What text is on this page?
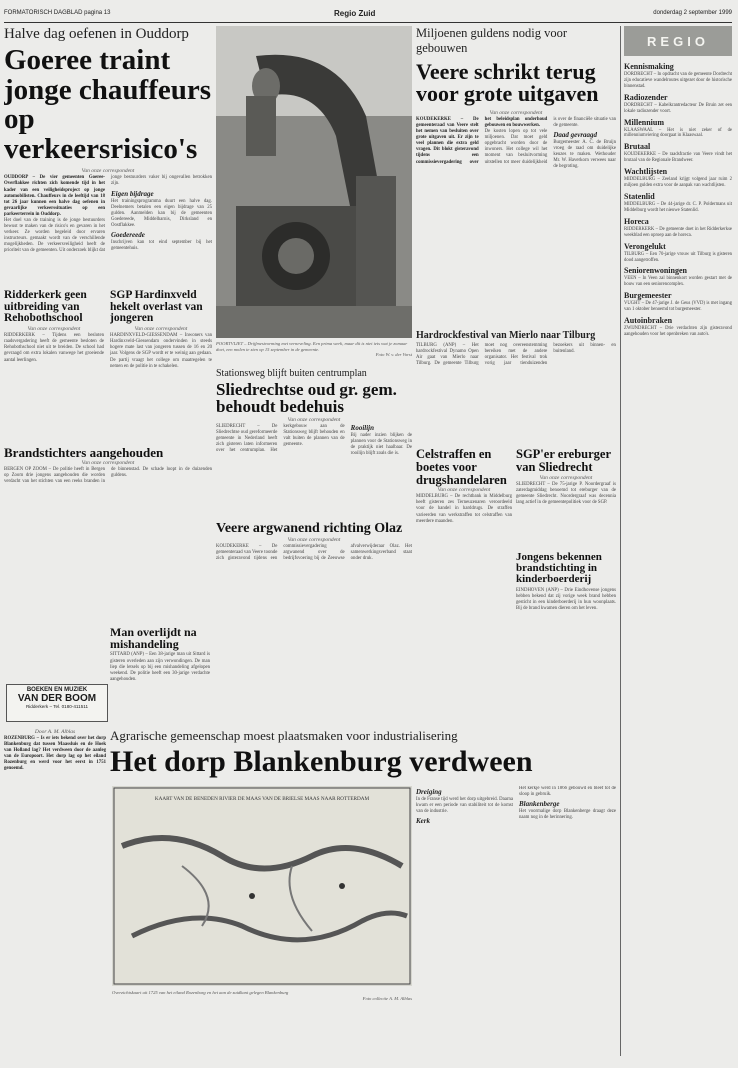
FORMATORISCH DAGBLAD pagina 13	Regio Zuid	donderdag 2 september 1999
Halve dag oefenen in Ouddorp
Goeree traint jonge chauffeurs op verkeersrisico's
Van onze correspondent
OUDDORP – De vier gemeenten Goeree-Overflakkee richten zich komende tijd in het kader van een veiligheidsproject op jonge automobilisten. Chauffeurs in de leeftijd van 18 tot 26 jaar kunnen een halve dag oefenen in gevaarlijke verkeerssituaties op een parkeerterrein in Ouddorp.
Het doel van de training is de jonge bestuurders bewust te maken van de risico's en gevaren in het verkeer. Ze worden begeleid door ervaren instructeurs. gemaakt wordt van de verschillende mogelijkheden. De verkeersveiligheid heeft de prioriteit van de gemeenten. Uit onderzoek blijkt dat jonge bestuurders vaker bij ongevallen betrokken zijn.
Eigen bijdrage
Het trainingsprogramma duurt een halve dag. Deelnemers betalen een eigen bijdrage van 25 gulden. Aanmelden kan bij de gemeenten Goedereede, Middelharnis, Dirksland en Oostflakkee.
Goedereede
Inschrijven kan tot eind september bij het gemeentehuis.
POORTVLIET – Drijfmestvorming met verneveling. Een prima werk, maar dit is niet iets wat je zomaar doet, een molen te zien op 15 september in de gemeente.
Foto W. v. der Vorst
Miljoenen guldens nodig voor gebouwen
Veere schrikt terug voor grote uitgaven
Van onze correspondent
KOUDEKERKE – De gemeenteraad van Veere stelt het nemen van besluiten over grote uitgaven uit. Er zijn te veel plannen die extra geld vragen. Dit blokt gisteravond tijdens een commissievergadering over het beleidsplan onderhoud gebouwen en bouwwerken.
De kosten lopen op tot vele miljoenen. Dat moet geld opgebracht worden door de inwoners. Het college wil het moment van besluitvorming uitstellen tot meer duidelijkheid is over de financiële situatie van de gemeente.
Daad gevraagd
Burgemeester A. C. de Bruijn vroeg de raad om duidelijke keuzes te maken. Wethouder Mr. W. Haverkorn verwees naar de begroting.
Ridderkerk geen uitbreiding van Rehobothschool
Van onze correspondent
RIDDERKERK – Tijdens een besloten raadsvergadering heeft de gemeente besloten de Rehobothschool niet uit te breiden. De school had gevraagd om extra lokalen vanwege het groeiende aantal leerlingen.
SGP Hardinxveld hekelt overlast van jongeren
Van onze correspondent
HARDINXVELD-GIESSENDAM – Inwoners van Hardinxveld-Giessendam ondervinden in steeds hogere mate last van jongeren tussen de 16 en 20 jaar. Volgens de SGP wordt er te weinig aan gedaan. De partij vraagt het college om maatregelen te nemen en de politie in te schakelen.
Brandstichters aangehouden
Van onze correspondent
BERGEN OP ZOOM – De politie heeft in Bergen op Zoom drie jongens aangehouden die worden verdacht van het stichten van een reeks branden in de binnenstad. De schade loopt in de duizenden guldens.
Stationsweg blijft buiten centrumplan
Sliedrechtse oud gr. gem. behoudt bedehuis
Van onze correspondent
SLIEDRECHT – De Sliedrechtse oud gereformeerde gemeente in Nederland heeft zich gisteren laten informeren over het centrumplan. Het kerkgebouw aan de Stationsweg blijft behouden en valt buiten de plannen van de gemeente.
Rooilijn
Bij nader inzien blijken de plannen voor de Stationsweg in de praktijk niet haalbaar. De rooilijn blijft zoals die is.
Veere argwanend richting Olaz
Van onze correspondent
KOUDEKERKE – De gemeenteraad van Veere toonde zich gisteravond tijdens een commissievergadering argwanend over de bedrijfsvoering bij de Zeeuwse afvalverwijderaar Olaz. Het samenwerkingsverband staat onder druk.
Man overlijdt na mishandeling
SITTARD (ANP) – Een 38-jarige man uit Sittard is gisteren overleden aan zijn verwondingen. De man liep die letsels op bij een mishandeling afgelopen weekend. De politie heeft een 30-jarige verdachte aangehouden.
BOEKEN EN MUZIEK
VAN DER BOOM
Ridderkerk – Tel. 0180-411511
Hardrockfestival van Mierlo naar Tilburg
TILBURG (ANP) – Het hardrockfestival Dynamo Open Air gaat van Mierlo naar Tilburg. De gemeente Tilburg moet nog overeenstemming bereiken met de andere organisator. Het festival trok vorig jaar tienduizenden bezoekers uit binnen- en buitenland.
Celstraffen en boetes voor drugshandelaren
Van onze correspondent
MIDDELBURG – De rechtbank in Middelburg heeft gisteren zes Terneuzenaren veroordeeld voor de handel in harddrugs. De straffen varieerden van werkstraffen tot celstraffen van meerdere maanden.
SGP'er ereburger van Sliedrecht
Van onze correspondent
SLIEDRECHT – De 75-jarige P. Noordergraaf is zaterdagmiddag benoemd tot ereburger van de gemeente Sliedrecht. Noordergraaf was decennia lang actief in de gemeentepolitiek voor de SGP.
Jongens bekennen brandstichting in kinderboerderij
EINDHOVEN (ANP) – Drie Eindhovense jongens hebben bekend dat zij vorige week brand hebben gesticht in een kinderboerderij in hun woonplaats. Bij de brand kwamen dieren om het leven.
Agrarische gemeenschap moest plaatsmaken voor industrialisering
Het dorp Blankenburg verdween
Door A. M. Alblas
ROZENBURG – Is er iets bekend over het dorp Blankenburg dat tussen Maassluis en de Hoek van Holland lag? Het verdween door de aanleg van de Europoort. Het dorp lag op het eiland Rozenburg en werd voor het eerst in 1751 genoemd.
KAART VAN DE BENEDEN RIVIER DE MAAS VAN DE BRIELSE MAAS NAAR ROTTERDAM
Overzichtskaart uit 1725 van het eiland Rozenburg en het aan de zuidkant gelegen Blankenburg
Foto collectie A. M. Alblas
Dreiging
In de Franse tijd werd het dorp uitgebreid. Daarna kwam er een periode van stabiliteit tot de komst van de industrie.
Kerk
Het kerkje werd in 1866 gebouwd en bleef tot de sloop in gebruik.
Blankenberge
Het voormalige dorp Blankenberge draagt deze naam nog in de herinnering.
REGIO
Kennismaking
DORDRECHT – In opdracht van de gemeente Dordrecht zijn educatieve wandelroutes uitgezet door de historische binnenstad.
Radiozender
DORDRECHT – Kabelkrantredacteur De Bruin zet een lokale radiozender voort.
Millennium
KLAASWAAL – Het is niet zeker of de millenniumviering doorgaat in Klaaswaal.
Brutaal
KOUDEKERKE – De raadsfractie van Veere vindt het brutaal van de Regionale Brandweer.
Wachtlijsten
MIDDELBURG – Zeeland krijgt volgend jaar ruim 2 miljoen gulden extra voor de aanpak van wachtlijsten.
Statenlid
MIDDELBURG – De 44-jarige dr. C. P. Poldermans uit Middelburg wordt het nieuwe Statenlid.
Horeca
RIDDERKERK – De gemeente doet in het Ridderkerkse weekblad een oproep aan de horeca.
Verongelukt
TILBURG – Een 70-jarige vrouw uit Tilburg is gisteren dood aangetroffen.
Seniorenwoningen
VEEN – In Veen zal binnenkort worden gestart met de bouw van een seniorencomplex.
Burgemeester
VUGHT – De 47-jarige J. de Geus (VVD) is met ingang van 1 oktober benoemd tot burgemeester.
Autoinbraken
ZWIJNDRECHT – Drie verdachten zijn gisteravond aangehouden voor het openbreken van auto's.
